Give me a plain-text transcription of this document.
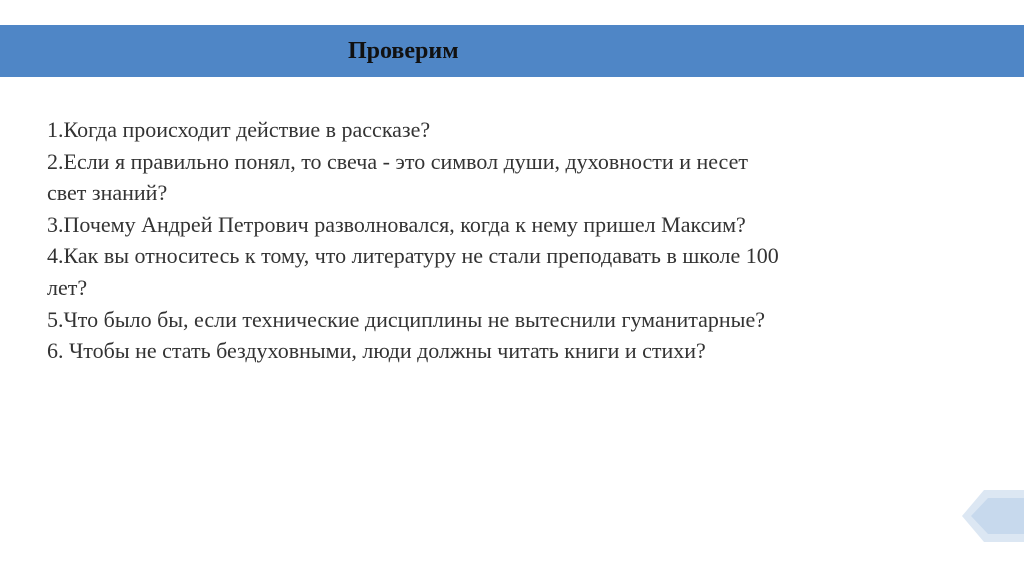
Проверим
1.Когда происходит действие в рассказе?
2.Если я правильно понял, то свеча - это символ души, духовности и несет
свет знаний?
3.Почему Андрей Петрович разволновался, когда к нему пришел Максим?
4.Как вы относитесь к тому, что литературу не стали преподавать в школе 100
лет?
5.Что было бы, если технические дисциплины не вытеснили гуманитарные?
6. Чтобы не стать бездуховными, люди должны читать книги и стихи?
